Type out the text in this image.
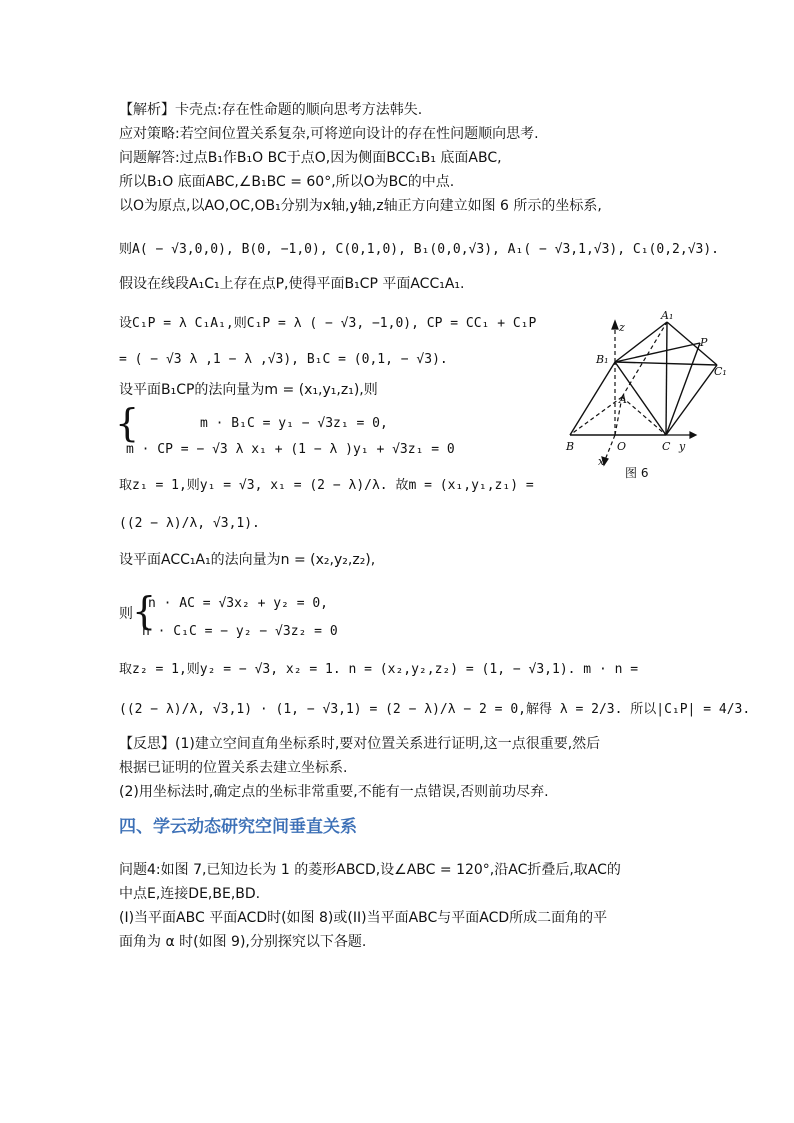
【解析】卡壳点:存在性命题的顺向思考方法韩失.
应对策略:若空间位置关系复杂,可将逆向设计的存在性问题顺向思考.
问题解答:过点B₁作B₁O BC于点O,因为侧面BCC₁B₁ 底面ABC,
所以B₁O 底面ABC,∠B₁BC = 60°,所以O为BC的中点.
以O为原点,以AO,OC,OB₁分别为x轴,y轴,z轴正方向建立如图 6 所示的坐标系,
则A( − √3,0,0), B(0, −1,0), C(0,1,0), B₁(0,0,√3), A₁( − √3,1,√3), C₁(0,2,√3).
假设在线段A₁C₁上存在点P,使得平面B₁CP 平面ACC₁A₁.
设C₁P = λ C₁A₁,则C₁P = λ ( − √3, −1,0), CP = CC₁ + C₁P
= ( − √3 λ ,1 − λ ,√3), B₁C = (0,1, − √3).
设平面B₁CP的法向量为m = (x₁,y₁,z₁),则
{	m · B₁C = y₁ − √3z₁ = 0,
m · CP = − √3 λ x₁ + (1 − λ )y₁ + √3z₁ = 0
取z₁ = 1,则y₁ = √3, x₁ = (2 − λ)/λ. 故m = (x₁,y₁,z₁) =
((2 − λ)/λ, √3,1).
设平面ACC₁A₁的法向量为n = (x₂,y₂,z₂),
则 {
n · AC = √3x₂ + y₂ = 0,
n · C₁C = − y₂ − √3z₂ = 0
取z₂ = 1,则y₂ = − √3, x₂ = 1. n = (x₂,y₂,z₂) = (1, − √3,1). m · n =
((2 − λ)/λ, √3,1) · (1, − √3,1) = (2 − λ)/λ − 2 = 0,解得 λ = 2/3. 所以|C₁P| = 4/3.
【反思】(1)建立空间直角坐标系时,要对位置关系进行证明,这一点很重要,然后
根据已证明的位置关系去建立坐标系.
(2)用坐标法时,确定点的坐标非常重要,不能有一点错误,否则前功尽弃.
四、学云动态研究空间垂直关系
问题4:如图 7,已知边长为 1 的菱形ABCD,设∠ABC = 120°,沿AC折叠后,取AC的
中点E,连接DE,BE,BD.
(I)当平面ABC 平面ACD时(如图 8)或(II)当平面ABC与平面ACD所成二面角的平
面角为 α 时(如图 9),分别探究以下各题.
A₁
P
z
B₁
C₁
A
B	O	C y
x
图 6
